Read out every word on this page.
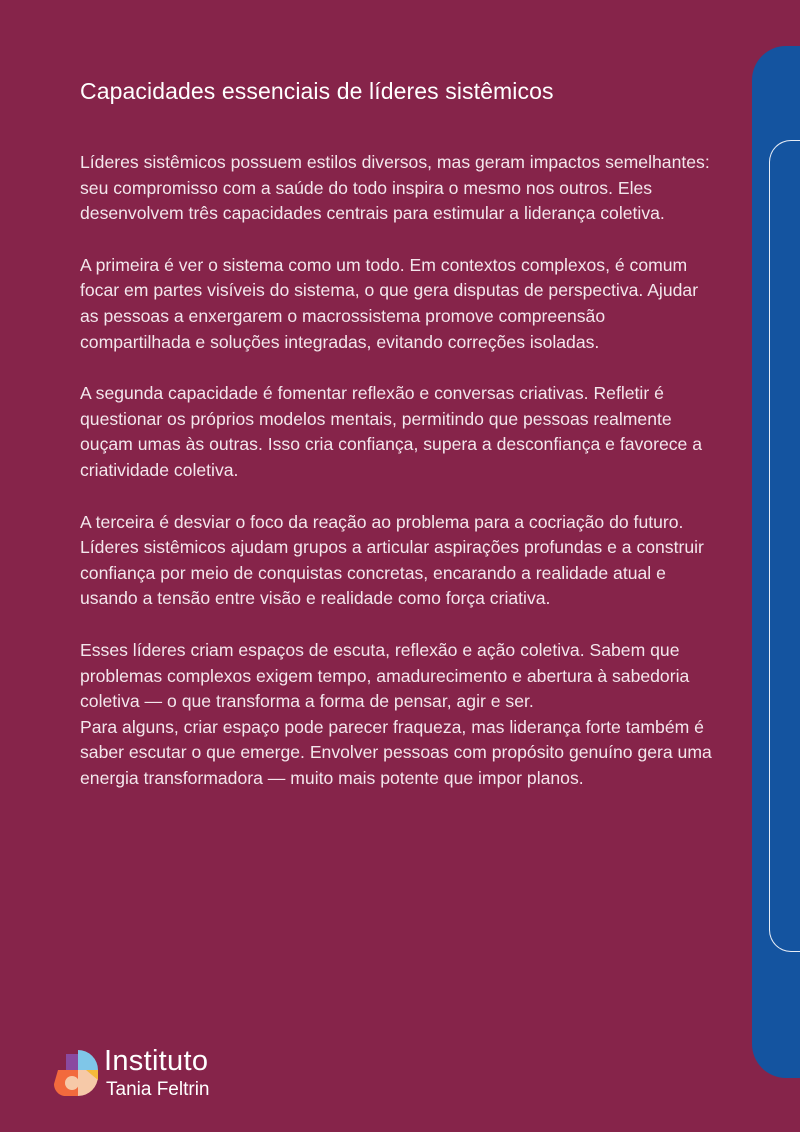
Capacidades essenciais de líderes sistêmicos

Líderes sistêmicos possuem estilos diversos, mas geram impactos semelhantes: seu compromisso com a saúde do todo inspira o mesmo nos outros. Eles desenvolvem três capacidades centrais para estimular a liderança coletiva.

A primeira é ver o sistema como um todo. Em contextos complexos, é comum focar em partes visíveis do sistema, o que gera disputas de perspectiva. Ajudar as pessoas a enxergarem o macrossistema promove compreensão compartilhada e soluções integradas, evitando correções isoladas.

A segunda capacidade é fomentar reflexão e conversas criativas. Refletir é questionar os próprios modelos mentais, permitindo que pessoas realmente ouçam umas às outras. Isso cria confiança, supera a desconfiança e favorece a criatividade coletiva.

A terceira é desviar o foco da reação ao problema para a cocriação do futuro. Líderes sistêmicos ajudam grupos a articular aspirações profundas e a construir confiança por meio de conquistas concretas, encarando a realidade atual e usando a tensão entre visão e realidade como força criativa.

Esses líderes criam espaços de escuta, reflexão e ação coletiva. Sabem que problemas complexos exigem tempo, amadurecimento e abertura à sabedoria coletiva — o que transforma a forma de pensar, agir e ser.

Para alguns, criar espaço pode parecer fraqueza, mas liderança forte também é saber escutar o que emerge. Envolver pessoas com propósito genuíno gera uma energia transformadora — muito mais potente que impor planos.

Instituto
Tania Feltrin
